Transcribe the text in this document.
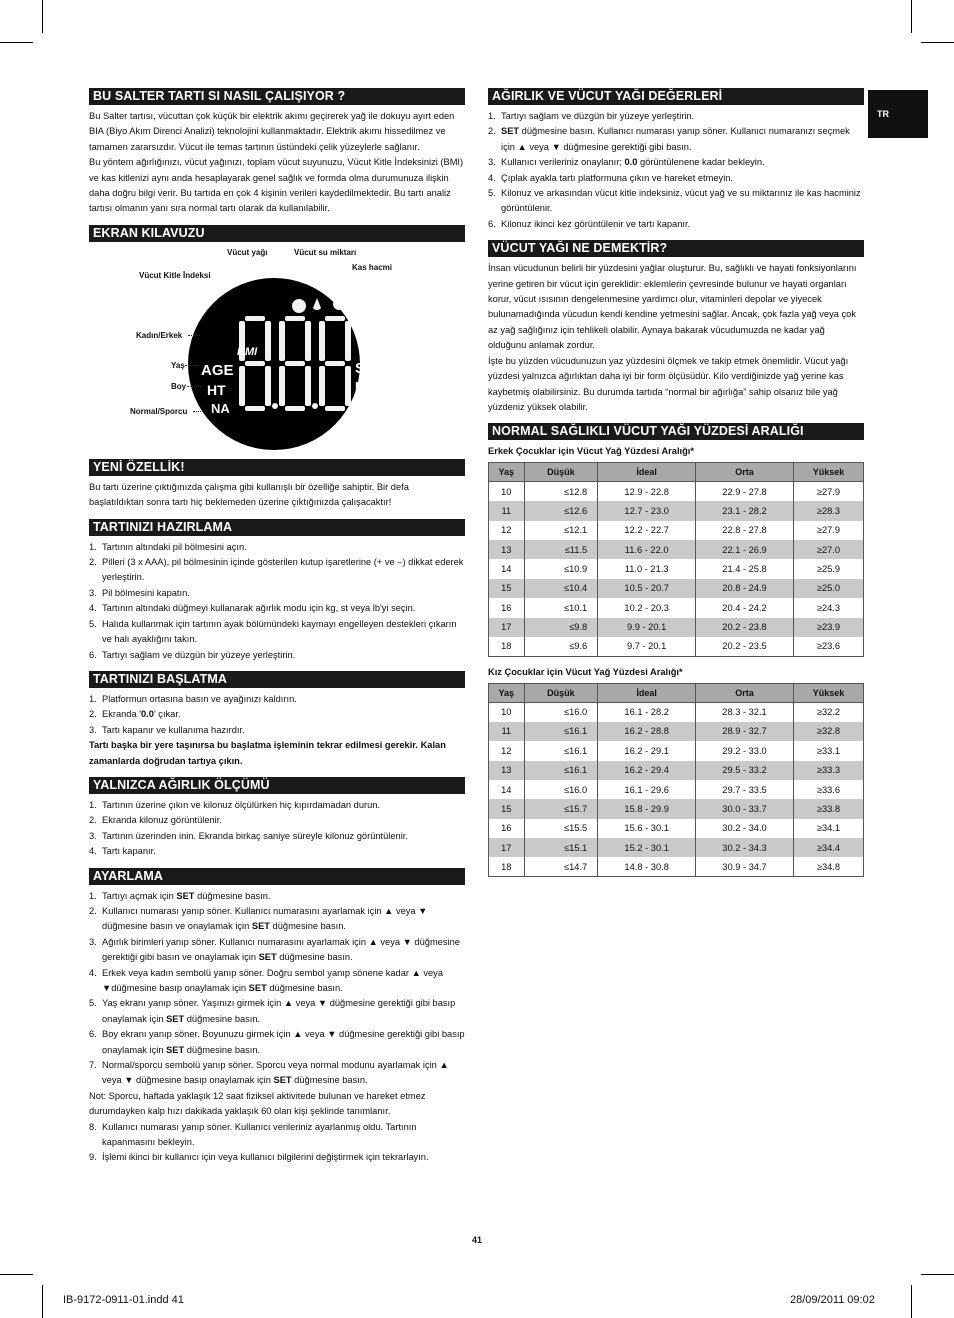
TR
BU SALTER TARTI SI NASIL ÇALIŞIYOR ?
Bu Salter tartısı, vücuttan çok küçük bir elektrik akımı geçirerek yağ ile dokuyu ayırt eden BIA (Biyo Akım Direnci Analizi) teknolojini kullanmaktadır. Elektrik akımı hissedilmez ve tamamen zararsızdır. Vücut ile temas tartının üstündeki çelik yüzeylerle sağlanır.
Bu yöntem ağırlığınızı, vücut yağınızı, toplam vücut suyunuzu, Vücut Kitle İndeksinizi (BMI) ve kas kitlenizi aynı anda hesaplayarak genel sağlık ve formda olma durumunuza ilişkin daha doğru bilgi verir. Bu tartıda en çok 4 kişinin verileri kaydedilmektedir. Bu tartı analiz tartısı olmanın yanı sıra normal tartı olarak da kullanılabilir.
EKRAN KILAVUZU
BMI
AGE
HT
NA
cm
%
ST
LB
KG
Vücut yağı	Vücut su miktarı
Kas hacmi
Vücut Kitle İndeksi
Kadın/Erkek
Yaş
Boy
Normal/Sporcu
YENİ ÖZELLİK!
Bu tartı üzerine çıktığınızda çalışma gibi kullanışlı bir özelliğe sahiptir. Bir defa başlatıldıktan sonra tartı hiç beklemeden üzerine çıktığınızda çalışacaktır!
TARTINIZI HAZIRLAMA
1. Tartının altındaki pil bölmesini açın.
2. Pilleri (3 x AAA), pil bölmesinin içinde gösterilen kutup işaretlerine (+ ve –) dikkat ederek yerleştirin.
3. Pil bölmesini kapatın.
4. Tartının altındaki düğmeyi kullanarak ağırlık modu için kg, st veya lb'yi seçin.
5. Halıda kullanmak için tartının ayak bölümündeki kaymayı engelleyen destekleri çıkarın ve halı ayaklığını takın.
6. Tartıyı sağlam ve düzgün bir yüzeye yerleştirin.
TARTINIZI BAŞLATMA
1. Platformun ortasına basın ve ayağınızı kaldırın.
2. Ekranda '0.0' çıkar.
3. Tartı kapanır ve kullanıma hazırdır.
Tartı başka bir yere taşınırsa bu başlatma işleminin tekrar edilmesi gerekir. Kalan zamanlarda doğrudan tartıya çıkın.
YALNIZCA AĞIRLIK ÖLÇÜMÜ
1. Tartının üzerine çıkın ve kilonuz ölçülürken hiç kıpırdamadan durun.
2. Ekranda kilonuz görüntülenir.
3. Tartının üzerinden inin. Ekranda birkaç saniye süreyle kilonuz görüntülenir.
4. Tartı kapanır.
AYARLAMA
1. Tartıyı açmak için SET düğmesine basın.
2. Kullanıcı numarası yanıp söner. Kullanıcı numarasını ayarlamak için ▲ veya ▼ düğmesine basın ve onaylamak için SET düğmesine basın.
3. Ağırlık birimleri yanıp söner. Kullanıcı numarasını ayarlamak için ▲ veya ▼ düğmesine gerektiği gibi basın ve onaylamak için SET düğmesine basın.
4. Erkek veya kadın sembolü yanıp söner. Doğru sembol yanıp sönene kadar ▲ veya ▼düğmesine basıp onaylamak için SET düğmesine basın.
5. Yaş ekranı yanıp söner. Yaşınızı girmek için ▲ veya ▼ düğmesine gerektiği gibi basıp onaylamak için SET düğmesine basın.
6. Boy ekranı yanıp söner. Boyunuzu girmek için ▲ veya ▼ düğmesine gerektiği gibi basıp onaylamak için SET düğmesine basın.
7. Normal/sporcu sembolü yanıp söner. Sporcu veya normal modunu ayarlamak için ▲ veya ▼ düğmesine basıp onaylamak için SET düğmesine basın.
Not: Sporcu, haftada yaklaşık 12 saat fiziksel aktivitede bulunan ve hareket etmez durumdayken kalp hızı dakikada yaklaşık 60 olan kişi şeklinde tanımlanır.
8. Kullanıcı numarası yanıp söner. Kullanıcı verileriniz ayarlanmış oldu. Tartının kapanmasını bekleyin.
9. İşlemi ikinci bir kullanıcı için veya kullanıcı bilgilerini değiştirmek için tekrarlayın.
AĞIRLIK VE VÜCUT YAĞI DEĞERLERİ
1. Tartıyı sağlam ve düzgün bir yüzeye yerleştirin.
2. SET düğmesine basın. Kullanıcı numarası yanıp söner. Kullanıcı numaranızı seçmek için ▲ veya ▼ düğmesine gerektiği gibi basın.
3. Kullanıcı verileriniz onaylanır; 0.0 görüntülenene kadar bekleyin.
4. Çıplak ayakla tartı platformuna çıkın ve hareket etmeyin.
5. Kilonuz ve arkasından vücut kitle indeksiniz, vücut yağ ve su miktarınız ile kas hacminiz görüntülenir.
6. Kilonuz ikinci kez görüntülenir ve tartı kapanır.
VÜCUT YAĞI NE DEMEKTİR?
İnsan vücudunun belirli bir yüzdesini yağlar oluşturur. Bu, sağlıklı ve hayati fonksiyonlarını yerine getiren bir vücut için gereklidir: eklemlerin çevresinde bulunur ve hayati organları korur, vücut ısısının dengelenmesine yardımcı olur, vitaminleri depolar ve yiyecek bulunamadığında vücudun kendi kendine yetmesini sağlar. Ancak, çok fazla yağ veya çok az yağ sağlığınız için tehlikeli olabilir. Aynaya bakarak vücudumuzda ne kadar yağ olduğunu anlamak zordur.
İşte bu yüzden vücudunuzun yaz yüzdesini ölçmek ve takip etmek önemlidir. Vücut yağı yüzdesi yalnızca ağırlıktan daha iyi bir form ölçüsüdür. Kilo verdiğinizde yağ yerine kas kaybetmiş olabilirsiniz. Bu durumda tartıda “normal bir ağırlığa” sahip olsanız bile yağ yüzdeniz yüksek olabilir.
NORMAL SAĞLIKLI VÜCUT YAĞI YÜZDESİ ARALIĞI
Erkek Çocuklar için Vücut Yağ Yüzdesi Aralığı*
Yaş	Düşük	İdeal	Orta	Yüksek
10	≤12.8	12.9 - 22.8	22.9 - 27.8	≥27.9
11	≤12.6	12.7 - 23.0	23.1 - 28.2	≥28.3
12	≤12.1	12.2 - 22.7	22.8 - 27.8	≥27.9
13	≤11.5	11.6 - 22.0	22.1 - 26.9	≥27.0
14	≤10.9	11.0 - 21.3	21.4 - 25.8	≥25.9
15	≤10.4	10.5 - 20.7	20.8 - 24.9	≥25.0
16	≤10.1	10.2 - 20.3	20.4 - 24.2	≥24.3
17	≤9.8	9.9 - 20.1	20.2 - 23.8	≥23.9
18	≤9.6	9.7 - 20.1	20.2 - 23.5	≥23.6
Kız Çocuklar için Vücut Yağ Yüzdesi Aralığı*
Yaş	Düşük	İdeal	Orta	Yüksek
10	≤16.0	16.1 - 28.2	28.3 - 32.1	≥32.2
11	≤16.1	16.2 - 28.8	28.9 - 32.7	≥32.8
12	≤16.1	16.2 - 29.1	29.2 - 33.0	≥33.1
13	≤16.1	16.2 - 29.4	29.5 - 33.2	≥33.3
14	≤16.0	16.1 - 29.6	29.7 - 33.5	≥33.6
15	≤15.7	15.8 - 29.9	30.0 - 33.7	≥33.8
16	≤15.5	15.6 - 30.1	30.2 - 34.0	≥34.1
17	≤15.1	15.2 - 30.1	30.2 - 34.3	≥34.4
18	≤14.7	14.8 - 30.8	30.9 - 34.7	≥34.8
41
IB-9172-0911-01.indd 41	28/09/2011 09:02
